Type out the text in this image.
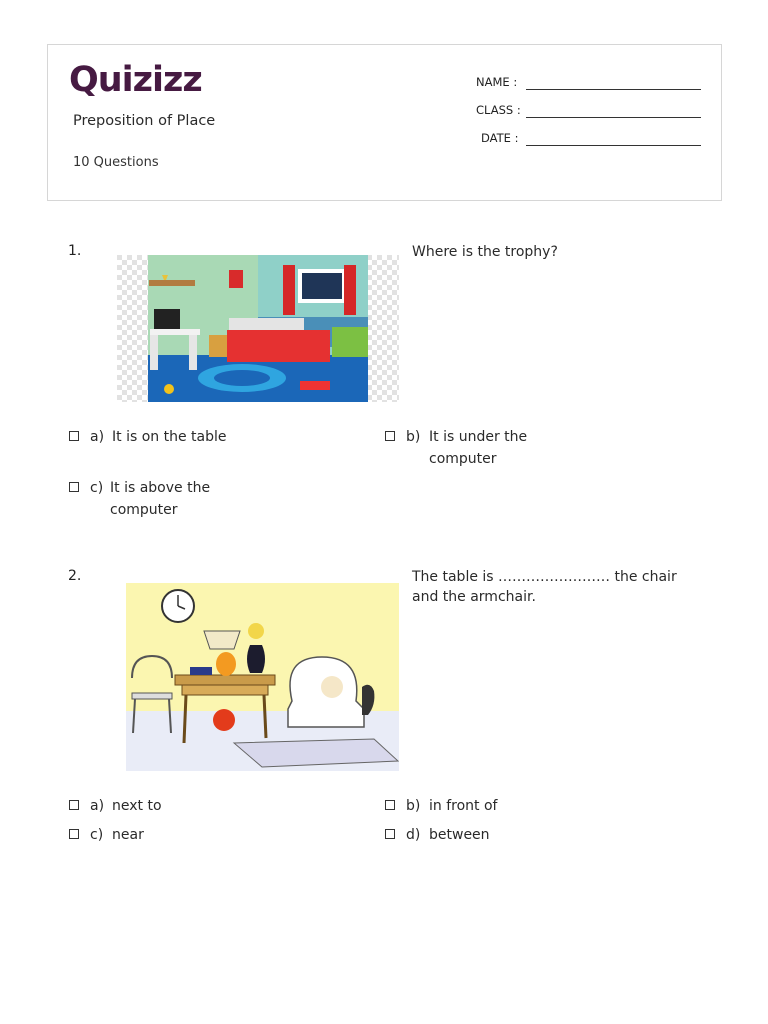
Quizizz
Preposition of Place
10 Questions
NAME :
CLASS :
DATE :
1.	Where is the trophy?
a) It is on the table	b) It is under the computer
c) It is above the computer
2.	The table is …………………… the chair and the armchair.
a) next to	b) in front of
c) near	d) between
